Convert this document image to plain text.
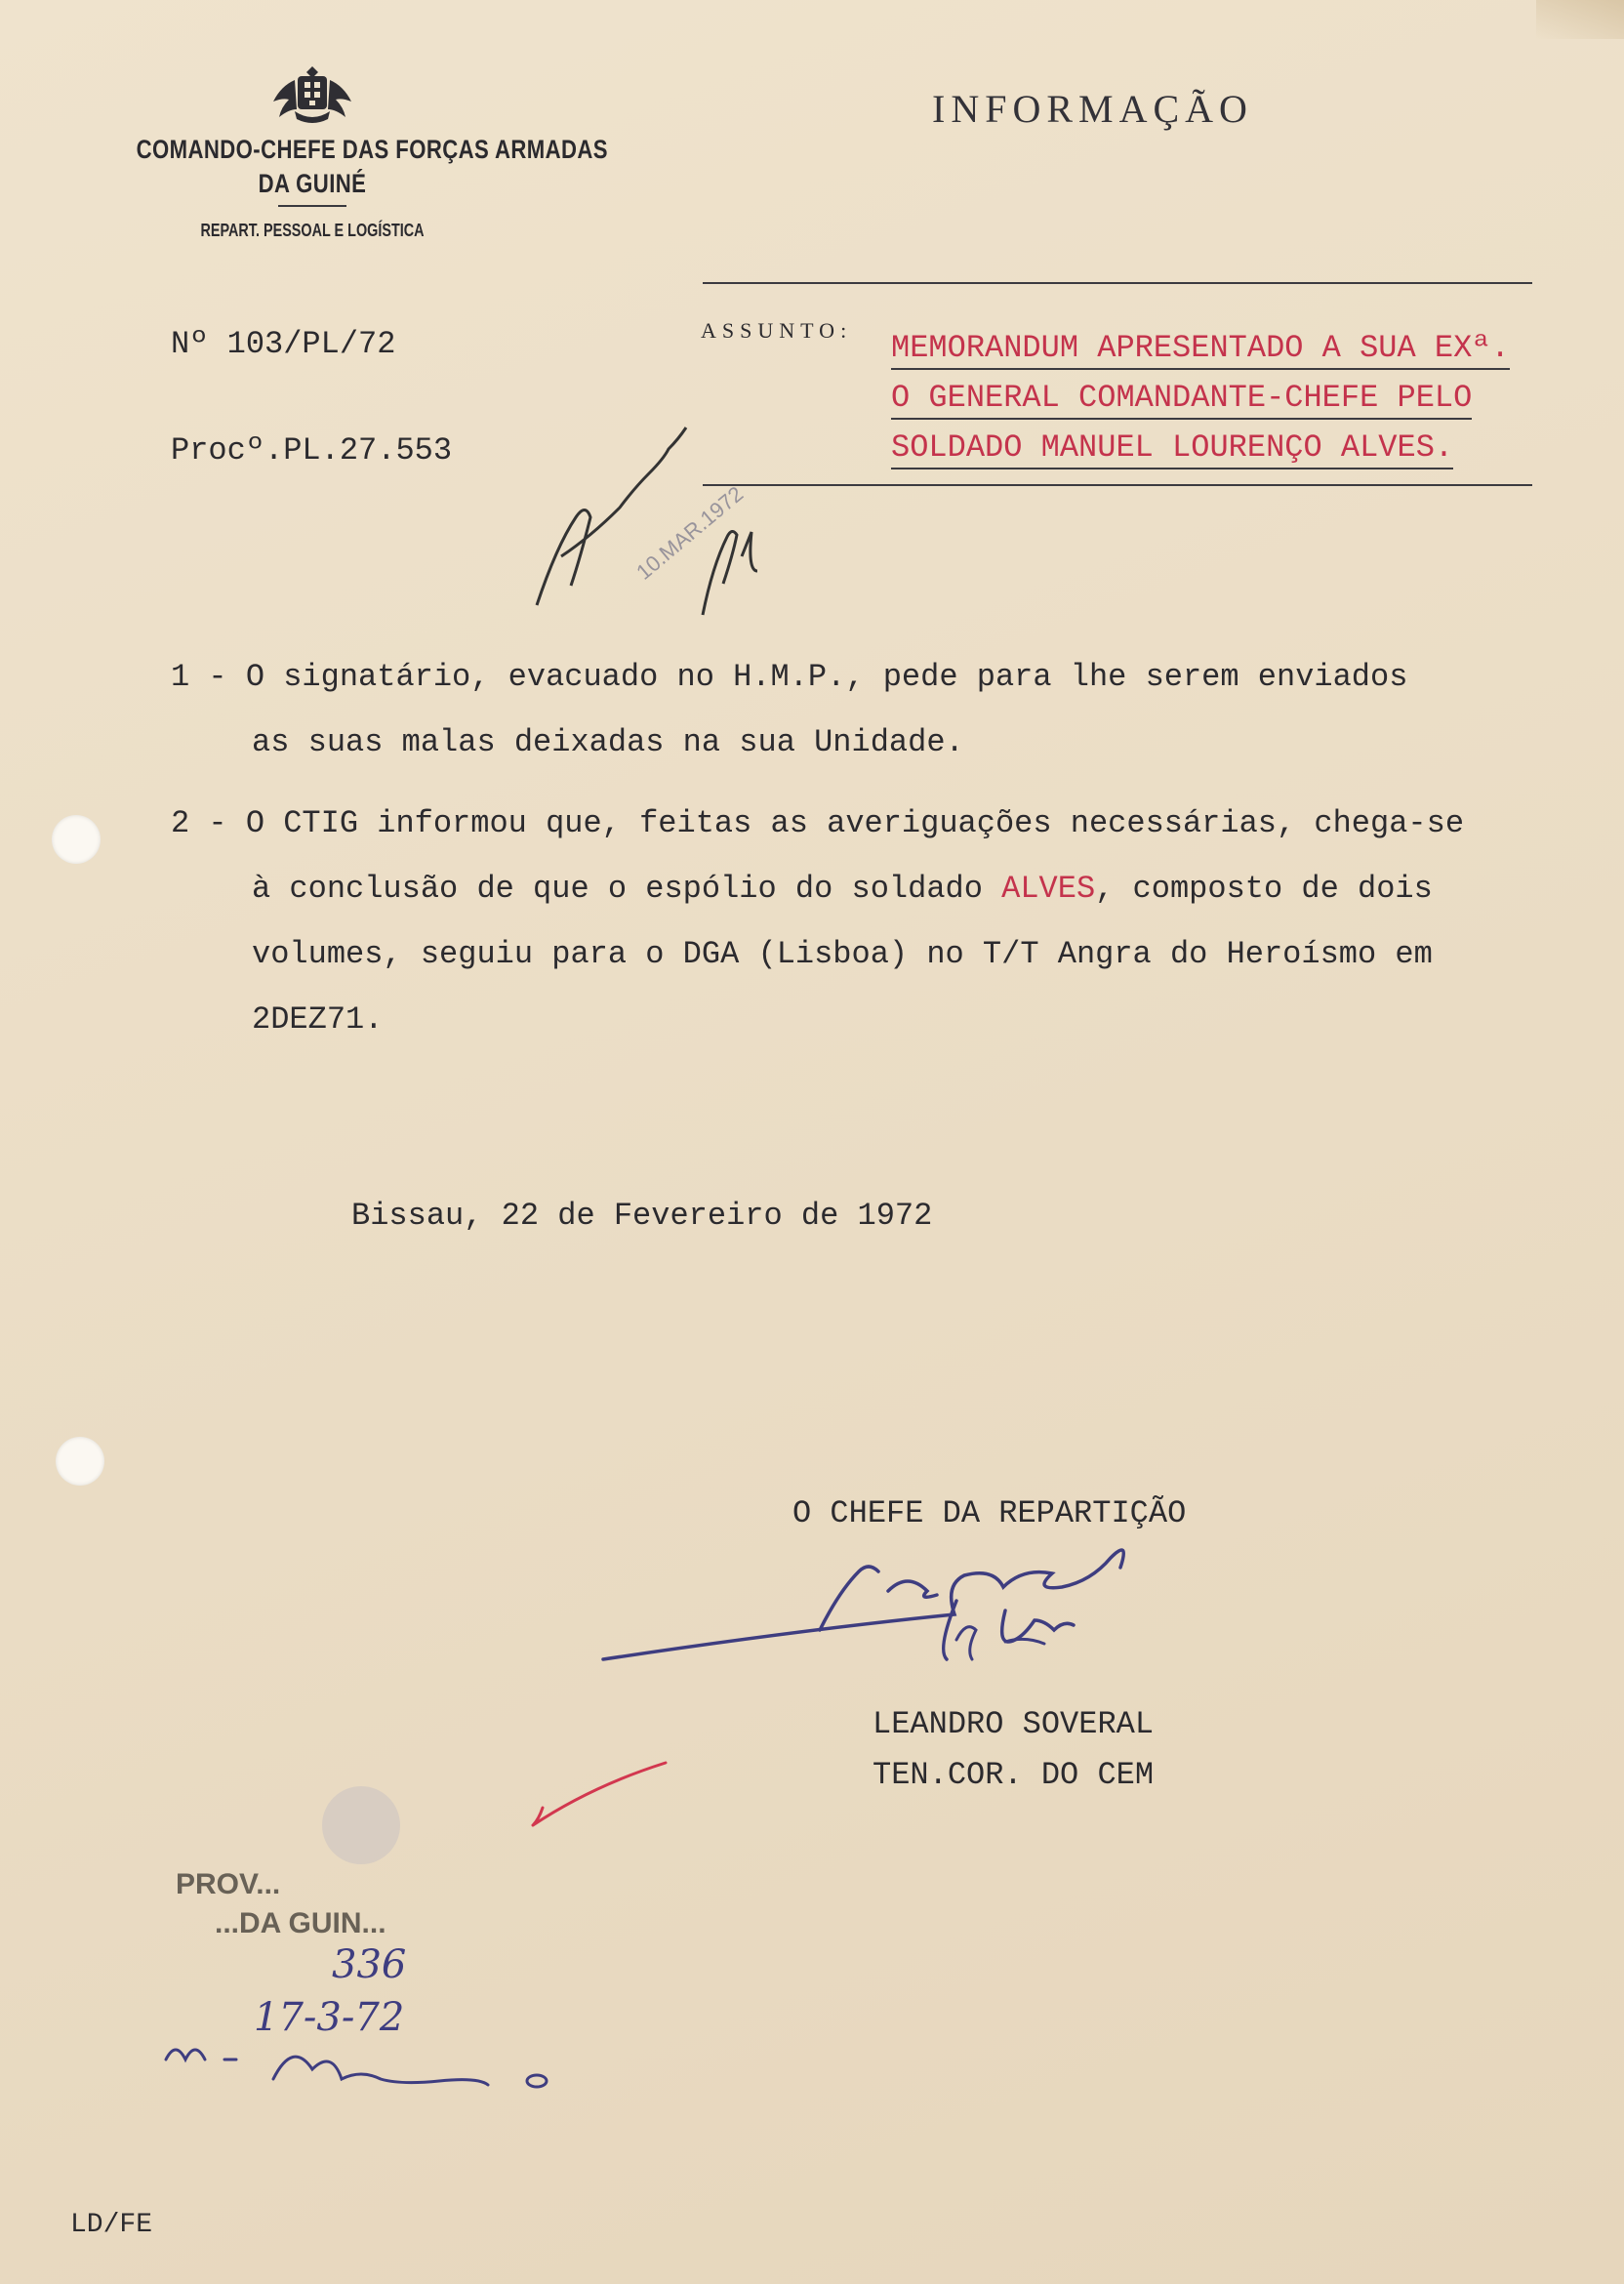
COMANDO-CHEFE DAS FORÇAS ARMADAS
DA GUINÉ
REPART. PESSOAL E LOGÍSTICA
INFORMAÇÃO
Nº 103/PL/72
Procº.PL.27.553
ASSUNTO: MEMORANDUM APRESENTADO A SUA EXª.
O GENERAL COMANDANTE-CHEFE PELO
SOLDADO MANUEL LOURENÇO ALVES.
10.MAR.1972
1 - O signatário, evacuado no H.M.P., pede para lhe serem enviados
as suas malas deixadas na sua Unidade.
2 - O CTIG informou que, feitas as averiguações necessárias, chega-se
à conclusão de que o espólio do soldado ALVES, composto de dois
volumes, seguiu para o DGA (Lisboa) no T/T Angra do Heroísmo em
2DEZ71.
Bissau, 22 de Fevereiro de 1972
O CHEFE DA REPARTIÇÃO
LEANDRO SOVERAL
TEN.COR. DO CEM
PROV...
...DA GUIN...
336
17-3-72
LD/FE
